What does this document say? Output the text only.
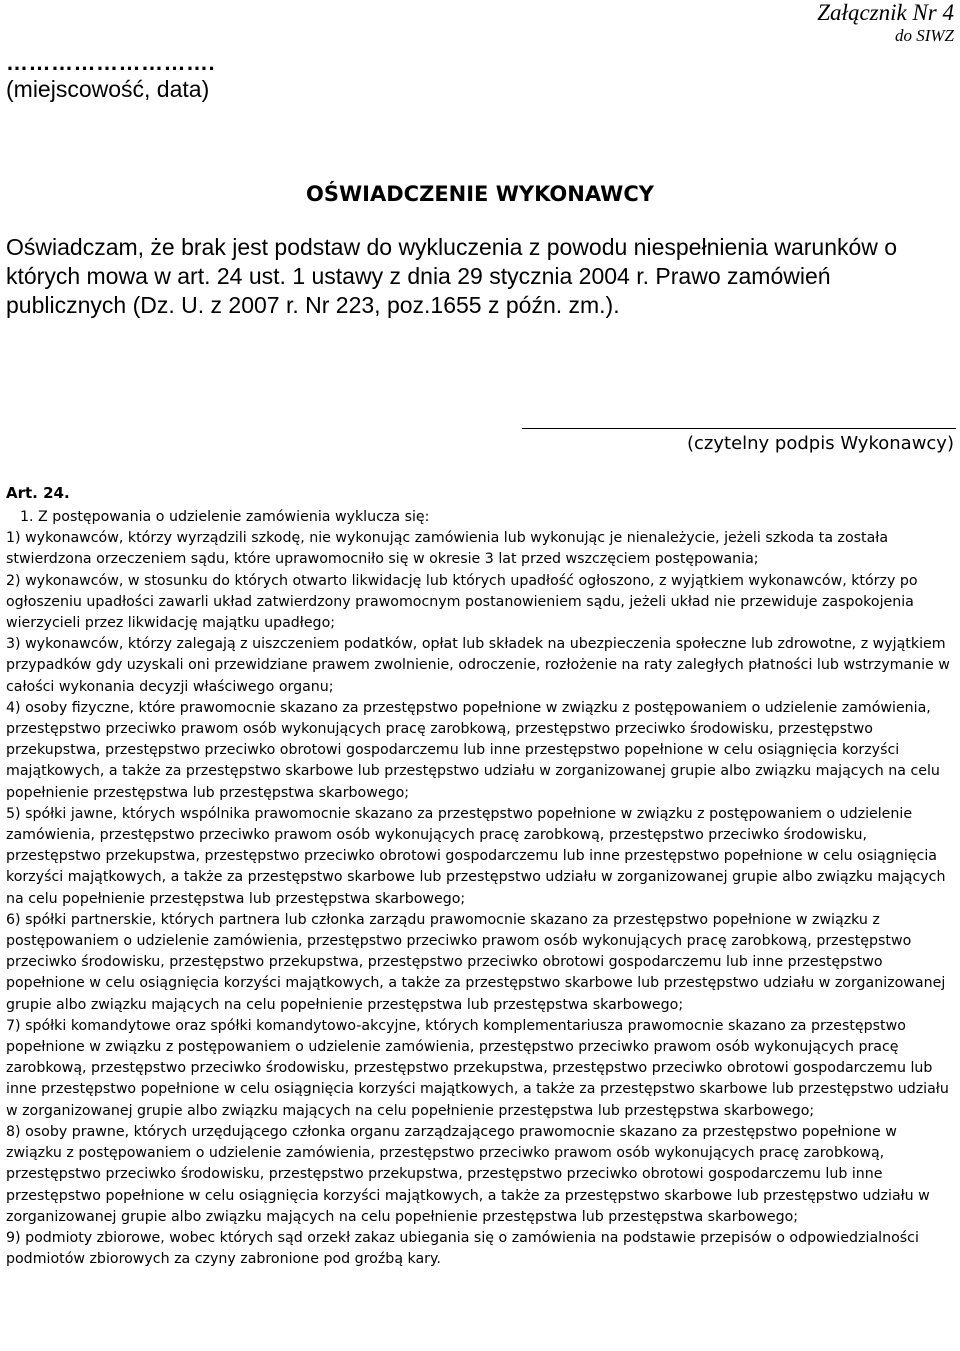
Załącznik Nr 4
do SIWZ
……………………….
(miejscowość, data)
OŚWIADCZENIE WYKONAWCY
Oświadczam, że brak jest podstaw do wykluczenia z powodu niespełnienia warunków o których mowa w art. 24 ust. 1 ustawy z dnia 29 stycznia 2004 r. Prawo zamówień publicznych (Dz. U. z 2007 r. Nr 223, poz.1655 z późn. zm.).
(czytelny podpis Wykonawcy)
Art. 24.
1. Z postępowania o udzielenie zamówienia wyklucza się:
1) wykonawców, którzy wyrządzili szkodę, nie wykonując zamówienia lub wykonując je nienależycie, jeżeli szkoda ta została stwierdzona orzeczeniem sądu, które uprawomocniło się w okresie 3 lat przed wszczęciem postępowania;
2) wykonawców, w stosunku do których otwarto likwidację lub których upadłość ogłoszono, z wyjątkiem wykonawców, którzy po ogłoszeniu upadłości zawarli układ zatwierdzony prawomocnym postanowieniem sądu, jeżeli układ nie przewiduje zaspokojenia wierzycieli przez likwidację majątku upadłego;
3) wykonawców, którzy zalegają z uiszczeniem podatków, opłat lub składek na ubezpieczenia społeczne lub zdrowotne, z wyjątkiem przypadków gdy uzyskali oni przewidziane prawem zwolnienie, odroczenie, rozłożenie na raty zaległych płatności lub wstrzymanie w całości wykonania decyzji właściwego organu;
4) osoby fizyczne, które prawomocnie skazano za przestępstwo popełnione w związku z postępowaniem o udzielenie zamówienia, przestępstwo przeciwko prawom osób wykonujących pracę zarobkową, przestępstwo przeciwko środowisku, przestępstwo przekupstwa, przestępstwo przeciwko obrotowi gospodarczemu lub inne przestępstwo popełnione w celu osiągnięcia korzyści majątkowych, a także za przestępstwo skarbowe lub przestępstwo udziału w zorganizowanej grupie albo związku mających na celu popełnienie przestępstwa lub przestępstwa skarbowego;
5) spółki jawne, których wspólnika prawomocnie skazano za przestępstwo popełnione w związku z postępowaniem o udzielenie zamówienia, przestępstwo przeciwko prawom osób wykonujących pracę zarobkową, przestępstwo przeciwko środowisku, przestępstwo przekupstwa, przestępstwo przeciwko obrotowi gospodarczemu lub inne przestępstwo popełnione w celu osiągnięcia korzyści majątkowych, a także za przestępstwo skarbowe lub przestępstwo udziału w zorganizowanej grupie albo związku mających na celu popełnienie przestępstwa lub przestępstwa skarbowego;
6) spółki partnerskie, których partnera lub członka zarządu prawomocnie skazano za przestępstwo popełnione w związku z postępowaniem o udzielenie zamówienia, przestępstwo przeciwko prawom osób wykonujących pracę zarobkową, przestępstwo przeciwko środowisku, przestępstwo przekupstwa, przestępstwo przeciwko obrotowi gospodarczemu lub inne przestępstwo popełnione w celu osiągnięcia korzyści majątkowych, a także za przestępstwo skarbowe lub przestępstwo udziału w zorganizowanej grupie albo związku mających na celu popełnienie przestępstwa lub przestępstwa skarbowego;
7) spółki komandytowe oraz spółki komandytowo-akcyjne, których komplementariusza prawomocnie skazano za przestępstwo popełnione w związku z postępowaniem o udzielenie zamówienia, przestępstwo przeciwko prawom osób wykonujących pracę zarobkową, przestępstwo przeciwko środowisku, przestępstwo przekupstwa, przestępstwo przeciwko obrotowi gospodarczemu lub inne przestępstwo popełnione w celu osiągnięcia korzyści majątkowych, a także za przestępstwo skarbowe lub przestępstwo udziału w zorganizowanej grupie albo związku mających na celu popełnienie przestępstwa lub przestępstwa skarbowego;
8) osoby prawne, których urzędującego członka organu zarządzającego prawomocnie skazano za przestępstwo popełnione w związku z postępowaniem o udzielenie zamówienia, przestępstwo przeciwko prawom osób wykonujących pracę zarobkową, przestępstwo przeciwko środowisku, przestępstwo przekupstwa, przestępstwo przeciwko obrotowi gospodarczemu lub inne przestępstwo popełnione w celu osiągnięcia korzyści majątkowych, a także za przestępstwo skarbowe lub przestępstwo udziału w zorganizowanej grupie albo związku mających na celu popełnienie przestępstwa lub przestępstwa skarbowego;
9) podmioty zbiorowe, wobec których sąd orzekł zakaz ubiegania się o zamówienia na podstawie przepisów o odpowiedzialności podmiotów zbiorowych za czyny zabronione pod groźbą kary.
